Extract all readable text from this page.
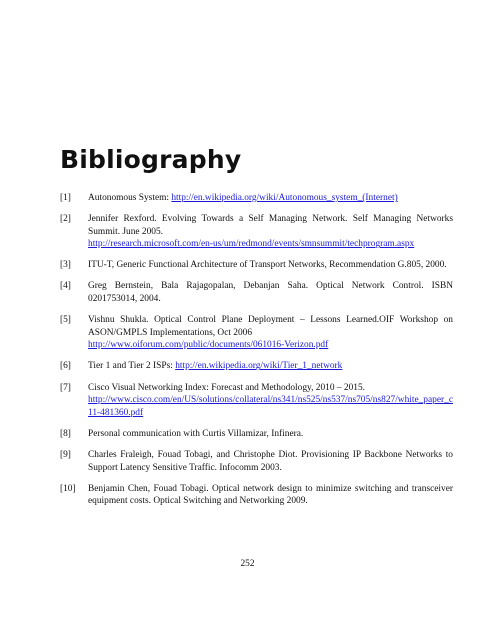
Bibliography
[1] Autonomous System: http://en.wikipedia.org/wiki/Autonomous_system_(Internet)
[2] Jennifer Rexford. Evolving Towards a Self Managing Network. Self Managing Networks Summit. June 2005.
http://research.microsoft.com/en-us/um/redmond/events/smnsummit/techprogram.aspx
[3] ITU-T, Generic Functional Architecture of Transport Networks, Recommendation G.805, 2000.
[4] Greg Bernstein, Bala Rajagopalan, Debanjan Saha. Optical Network Control. ISBN 0201753014, 2004.
[5] Vishnu Shukla. Optical Control Plane Deployment – Lessons Learned.OIF Workshop on ASON/GMPLS Implementations, Oct 2006
http://www.oiforum.com/public/documents/061016-Verizon.pdf
[6] Tier 1 and Tier 2 ISPs: http://en.wikipedia.org/wiki/Tier_1_network
[7] Cisco Visual Networking Index: Forecast and Methodology, 2010 – 2015.
http://www.cisco.com/en/US/solutions/collateral/ns341/ns525/ns537/ns705/ns827/white_paper_c11-481360.pdf
[8] Personal communication with Curtis Villamizar, Infinera.
[9] Charles Fraleigh, Fouad Tobagi, and Christophe Diot. Provisioning IP Backbone Networks to Support Latency Sensitive Traffic. Infocomm 2003.
[10] Benjamin Chen, Fouad Tobagi. Optical network design to minimize switching and transceiver equipment costs. Optical Switching and Networking 2009.

252
